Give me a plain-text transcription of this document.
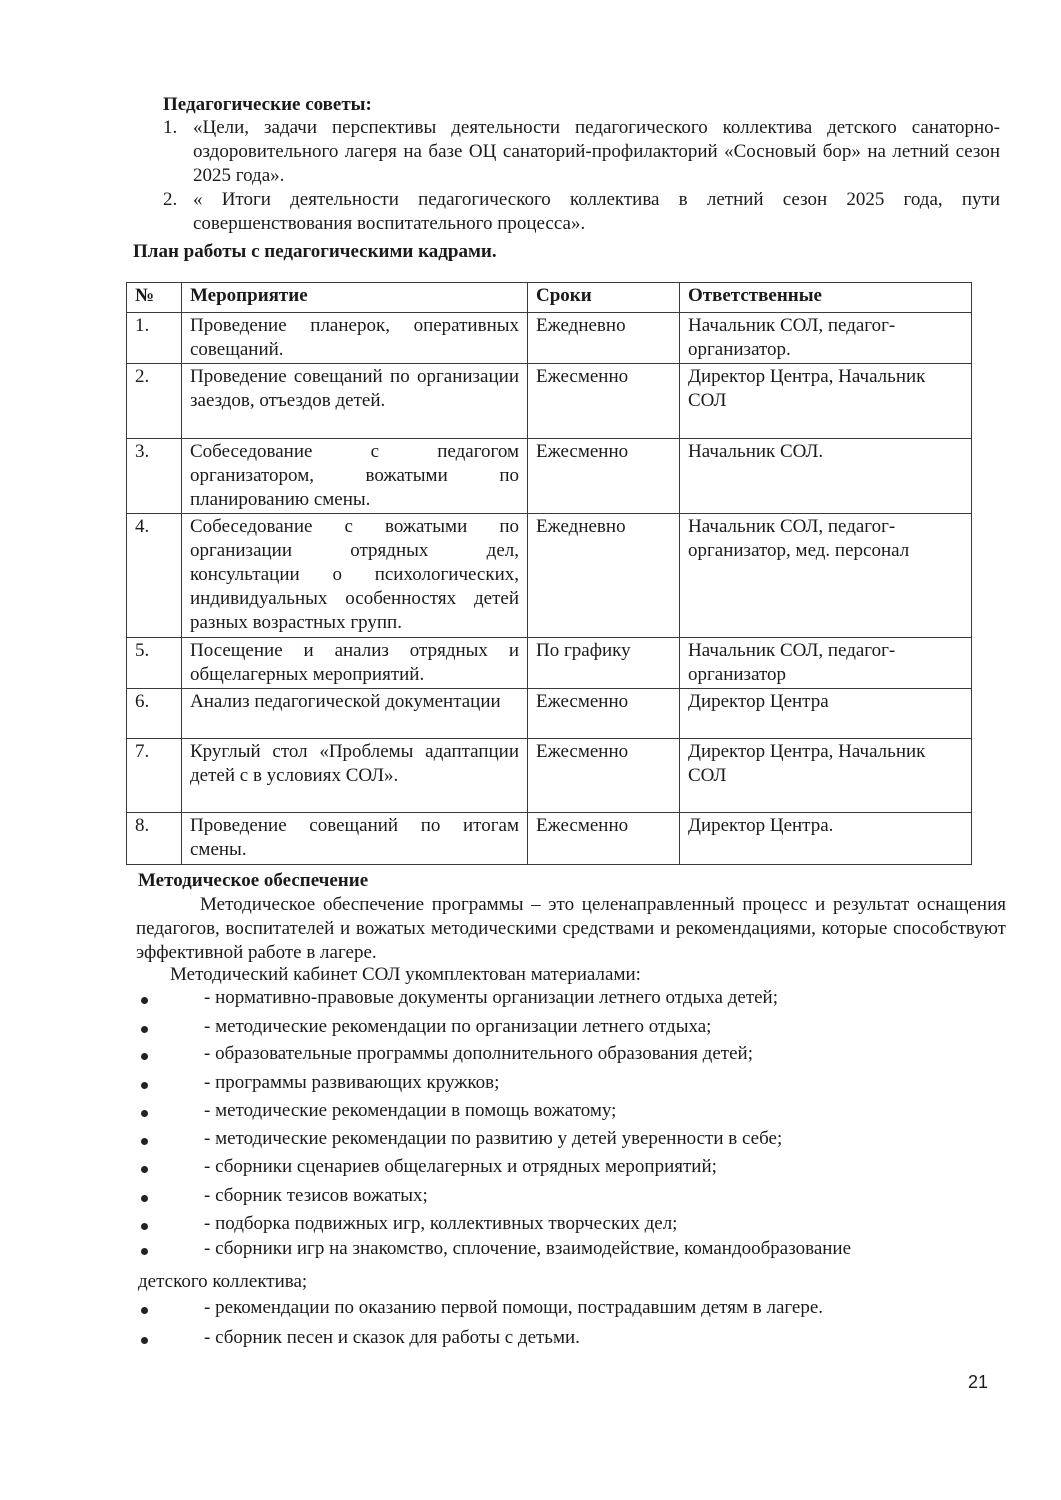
Педагогические советы:
1. «Цели, задачи перспективы деятельности педагогического коллектива детского санаторно-оздоровительного лагеря на базе ОЦ санаторий-профилакторий «Сосновый бор» на летний сезон 2025 года».
2. « Итоги деятельности педагогического коллектива в летний сезон 2025 года, пути совершенствования воспитательного процесса».
План работы с педагогическими кадрами.
№	Мероприятие	Сроки	Ответственные
1.	Проведение планерок, оперативных совещаний.	Ежедневно	Начальник СОЛ, педагог-организатор.
2.	Проведение совещаний по организации заездов, отъездов детей.	Ежесменно	Директор Центра, Начальник СОЛ
3.	Собеседование с педагогом организатором, вожатыми по планированию смены.	Ежесменно	Начальник СОЛ.
4.	Собеседование с вожатыми по организации отрядных дел, консультации о психологических, индивидуальных особенностях детей разных возрастных групп.	Ежедневно	Начальник СОЛ, педагог-организатор, мед. персонал
5.	Посещение и анализ отрядных и общелагерных мероприятий.	По графику	Начальник СОЛ, педагог-организатор
6.	Анализ педагогической документации	Ежесменно	Директор Центра
7.	Круглый стол «Проблемы адаптапции детей с в условиях СОЛ».	Ежесменно	Директор Центра, Начальник СОЛ
8.	Проведение совещаний по итогам смены.	Ежесменно	Директор Центра.
Методическое обеспечение
Методическое обеспечение программы – это целенаправленный процесс и результат оснащения педагогов, воспитателей и вожатых методическими средствами и рекомендациями, которые способствуют эффективной работе в лагере.
Методический кабинет СОЛ укомплектован материалами:
- нормативно-правовые документы организации летнего отдыха детей;
- методические рекомендации по организации летнего отдыха;
- образовательные программы дополнительного образования детей;
- программы развивающих кружков;
- методические рекомендации в помощь вожатому;
- методические рекомендации по развитию у детей уверенности в себе;
- сборники сценариев общелагерных и отрядных мероприятий;
- сборник тезисов вожатых;
- подборка подвижных игр, коллективных творческих дел;
- сборники игр на знакомство, сплочение, взаимодействие, командообразование
детского коллектива;
- рекомендации по оказанию первой помощи, пострадавшим детям в лагере.
- сборник песен и сказок для работы с детьми.
21
